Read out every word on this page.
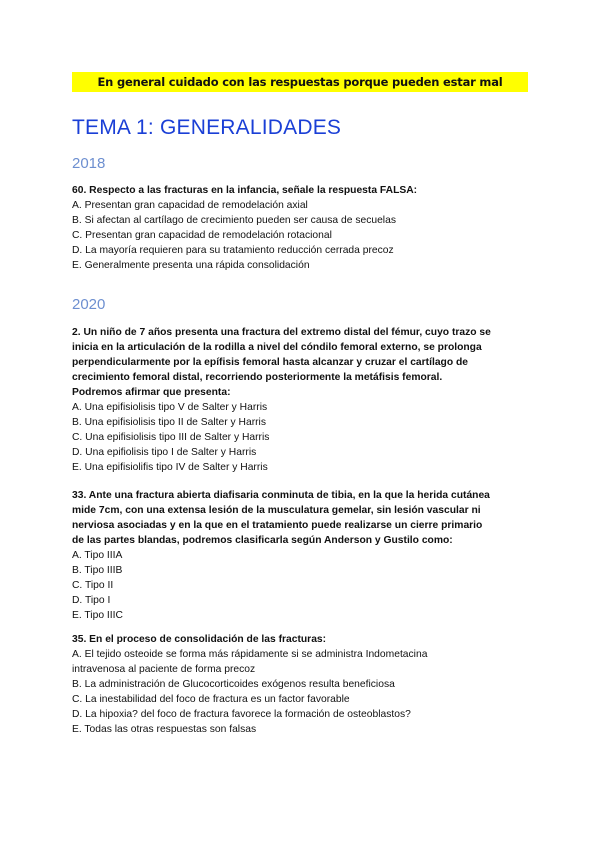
En general cuidado con las respuestas porque pueden estar mal
TEMA 1: GENERALIDADES
2018
60. Respecto a las fracturas en la infancia, señale la respuesta FALSA:
A. Presentan gran capacidad de remodelación axial
B. Si afectan al cartílago de crecimiento pueden ser causa de secuelas
C. Presentan gran capacidad de remodelación rotacional
D. La mayoría requieren para su tratamiento reducción cerrada precoz
E. Generalmente presenta una rápida consolidación
2020
2. Un niño de 7 años presenta una fractura del extremo distal del fémur, cuyo trazo se
inicia en la articulación de la rodilla a nivel del cóndilo femoral externo, se prolonga
perpendicularmente por la epífisis femoral hasta alcanzar y cruzar el cartílago de
crecimiento femoral distal, recorriendo posteriormente la metáfisis femoral.
Podremos afirmar que presenta:
A. Una epifisiolisis tipo V de Salter y Harris
B. Una epifisiolisis tipo II de Salter y Harris
C. Una epifisiolisis tipo III de Salter y Harris
D. Una epifiolisis tipo I de Salter y Harris
E. Una epifisiolifis tipo IV de Salter y Harris
33. Ante una fractura abierta diafisaria conminuta de tibia, en la que la herida cutánea
mide 7cm, con una extensa lesión de la musculatura gemelar, sin lesión vascular ni
nerviosa asociadas y en la que en el tratamiento puede realizarse un cierre primario
de las partes blandas, podremos clasificarla según Anderson y Gustilo como:
A. Tipo IIIA
B. Tipo IIIB
C. Tipo II
D. Tipo I
E. Tipo IIIC
35. En el proceso de consolidación de las fracturas:
A. El tejido osteoide se forma más rápidamente si se administra Indometacina
intravenosa al paciente de forma precoz
B. La administración de Glucocorticoides exógenos resulta beneficiosa
C. La inestabilidad del foco de fractura es un factor favorable
D. La hipoxia? del foco de fractura favorece la formación de osteoblastos?
E. Todas las otras respuestas son falsas
